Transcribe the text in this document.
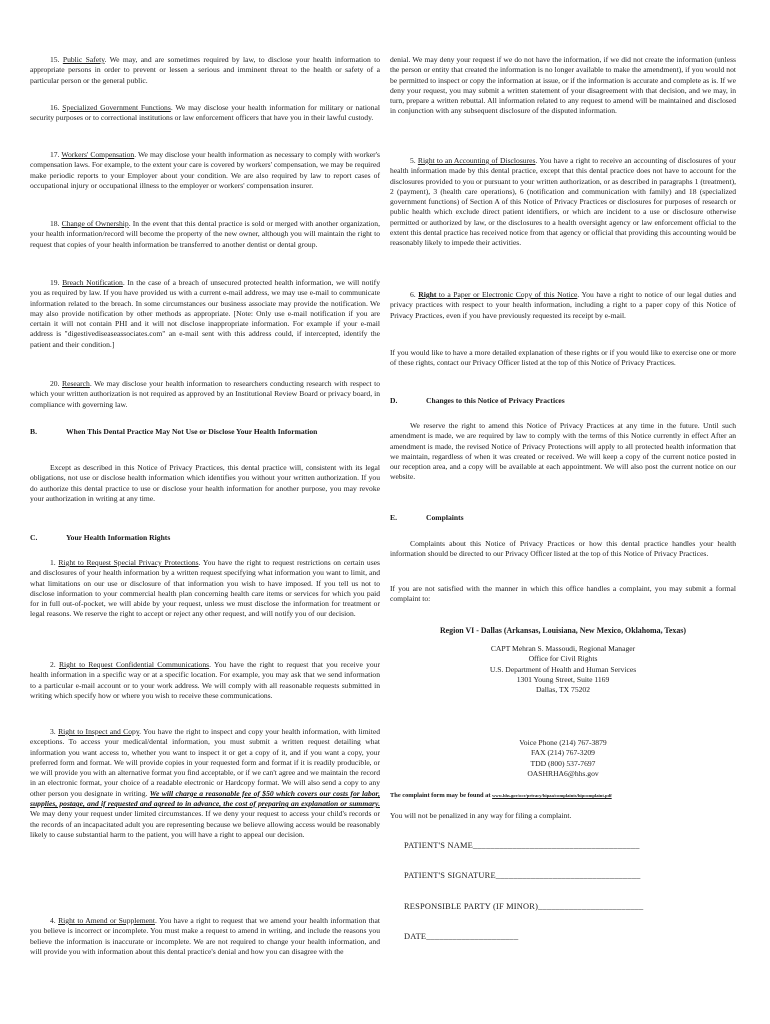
15. Public Safety. We may, and are sometimes required by law, to disclose your health information to appropriate persons in order to prevent or lessen a serious and imminent threat to the health or safety of a particular person or the general public.

16. Specialized Government Functions. We may disclose your health information for military or national security purposes or to correctional institutions or law enforcement officers that have you in their lawful custody.

17. Workers' Compensation. We may disclose your health information as necessary to comply with worker's compensation laws. For example, to the extent your care is covered by workers' compensation, we may be required make periodic reports to your Employer about your condition. We are also required by law to report cases of occupational injury or occupational illness to the employer or workers' compensation insurer.

18. Change of Ownership. In the event that this dental practice is sold or merged with another organization, your health information/record will become the property of the new owner, although you will maintain the right to request that copies of your health information be transferred to another dentist or dental group.

19. Breach Notification. In the case of a breach of unsecured protected health information, we will notify you as required by law. If you have provided us with a current e-mail address, we may use e-mail to communicate information related to the breach. In some circumstances our business associate may provide the notification. We may also provide notification by other methods as appropriate. [Note: Only use e-mail notification if you are certain it will not contain PHI and it will not disclose inappropriate information. For example if your e-mail address is "digestivediseaseassociates.com" an e-mail sent with this address could, if intercepted, identify the patient and their condition.]

20. Research. We may disclose your health information to researchers conducting research with respect to which your written authorization is not required as approved by an Institutional Review Board or privacy board, in compliance with governing law.

B.	When This Dental Practice May Not Use or Disclose Your Health Information

Except as described in this Notice of Privacy Practices, this dental practice will, consistent with its legal obligations, not use or disclose health information which identifies you without your written authorization. If you do authorize this dental practice to use or disclose your health information for another purpose, you may revoke your authorization in writing at any time.

C.	Your Health Information Rights

1. Right to Request Special Privacy Protections. You have the right to request restrictions on certain uses and disclosures of your health information by a written request specifying what information you want to limit, and what limitations on our use or disclosure of that information you wish to have imposed. If you tell us not to disclose information to your commercial health plan concerning health care items or services for which you paid for in full out-of-pocket, we will abide by your request, unless we must disclose the information for treatment or legal reasons. We reserve the right to accept or reject any other request, and will notify you of our decision.

2. Right to Request Confidential Communications. You have the right to request that you receive your health information in a specific way or at a specific location. For example, you may ask that we send information to a particular e-mail account or to your work address. We will comply with all reasonable requests submitted in writing which specify how or where you wish to receive these communications.

3. Right to Inspect and Copy. You have the right to inspect and copy your health information, with limited exceptions. To access your medical/dental information, you must submit a written request detailing what information you want access to, whether you want to inspect it or get a copy of it, and if you want a copy, your preferred form and format. We will provide copies in your requested form and format if it is readily producible, or we will provide you with an alternative format you find acceptable, or if we can't agree and we maintain the record in an electronic format, your choice of a readable electronic or Hardcopy format. We will also send a copy to any other person you designate in writing. We will charge a reasonable fee of $50 which covers our costs for labor, supplies, postage, and if requested and agreed to in advance, the cost of preparing an explanation or summary. We may deny your request under limited circumstances. If we deny your request to access your child's records or the records of an incapacitated adult you are representing because we believe allowing access would be reasonably likely to cause substantial harm to the patient, you will have a right to appeal our decision.

4. Right to Amend or Supplement. You have a right to request that we amend your health information that you believe is incorrect or incomplete. You must make a request to amend in writing, and include the reasons you believe the information is inaccurate or incomplete. We are not required to change your health information, and will provide you with information about this dental practice's denial and how you can disagree with the

denial. We may deny your request if we do not have the information, if we did not create the information (unless the person or entity that created the information is no longer available to make the amendment), if you would not be permitted to inspect or copy the information at issue, or if the information is accurate and complete as is. If we deny your request, you may submit a written statement of your disagreement with that decision, and we may, in turn, prepare a written rebuttal. All information related to any request to amend will be maintained and disclosed in conjunction with any subsequent disclosure of the disputed information.

5. Right to an Accounting of Disclosures. You have a right to receive an accounting of disclosures of your health information made by this dental practice, except that this dental practice does not have to account for the disclosures provided to you or pursuant to your written authorization, or as described in paragraphs 1 (treatment), 2 (payment), 3 (health care operations), 6 (notification and communication with family) and 18 (specialized government functions) of Section A of this Notice of Privacy Practices or disclosures for purposes of research or public health which exclude direct patient identifiers, or which are incident to a use or disclosure otherwise permitted or authorized by law, or the disclosures to a health oversight agency or law enforcement official to the extent this dental practice has received notice from that agency or official that providing this accounting would be reasonably likely to impede their activities.

6. Right to a Paper or Electronic Copy of this Notice. You have a right to notice of our legal duties and privacy practices with respect to your health information, including a right to a paper copy of this Notice of Privacy Practices, even if you have previously requested its receipt by e-mail.

If you would like to have a more detailed explanation of these rights or if you would like to exercise one or more of these rights, contact our Privacy Officer listed at the top of this Notice of Privacy Practices.

D.	Changes to this Notice of Privacy Practices

We reserve the right to amend this Notice of Privacy Practices at any time in the future. Until such amendment is made, we are required by law to comply with the terms of this Notice currently in effect After an amendment is made, the revised Notice of Privacy Protections will apply to all protected health information that we maintain, regardless of when it was created or received. We will keep a copy of the current notice posted in our reception area, and a copy will be available at each appointment. We will also post the current notice on our website.

E.	Complaints

Complaints about this Notice of Privacy Practices or how this dental practice handles your health information should be directed to our Privacy Officer listed at the top of this Notice of Privacy Practices.

If you are not satisfied with the manner in which this office handles a complaint, you may submit a formal complaint to:

Region VI - Dallas (Arkansas, Louisiana, New Mexico, Oklahoma, Texas)
CAPT Mehran S. Massoudi, Regional Manager
Office for Civil Rights
U.S. Department of Health and Human Services
1301 Young Street, Suite 1169
Dallas, TX 75202
Voice Phone (214) 767-3879
FAX (214) 767-3209
TDD (800) 537-7697
OASHRHA6@hhs.gov
The complaint form may be found at www.hhs.gov/ocr/privacy/hipaa/complaints/hipcomplaint.pdf

You will not be penalized in any way for filing a complaint.

PATIENT'S NAME______________________________________
PATIENT'S SIGNATURE_________________________________
RESPONSIBLE PARTY (IF MINOR)________________________
DATE_____________________
